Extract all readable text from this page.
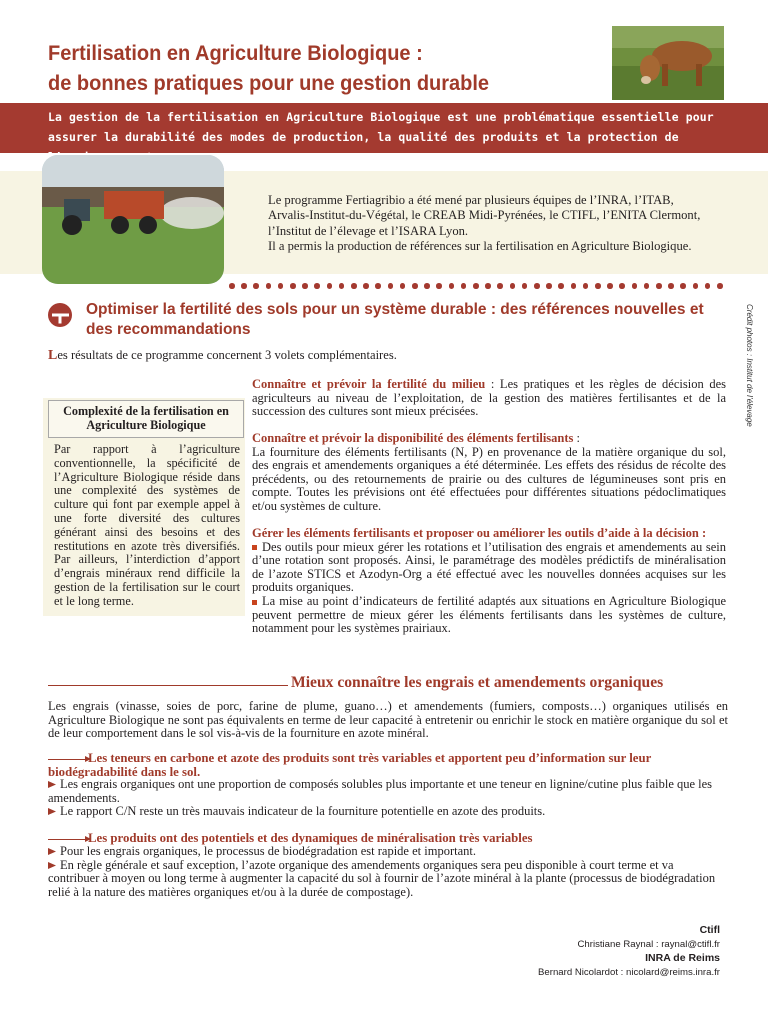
Fertilisation en Agriculture Biologique :
de bonnes pratiques pour une gestion durable
La gestion de la fertilisation en Agriculture Biologique est une problématique essentielle pour assurer la durabilité des modes de production, la qualité des produits et la protection de
Le programme Fertiagribio a été mené par plusieurs équipes de l’INRA, l’ITAB, Arvalis-Institut-du-Végétal, le CREAB Midi-Pyrénées, le CTIFL, l’ENITA Clermont, l’Institut de l’élevage et l’ISARA Lyon.
Il a permis la production de références sur la fertilisation en Agriculture Biologique.
Optimiser la fertilité des sols pour un système durable : des références nouvelles et des recommandations	Crédit photos : Institut de l’élevage
Les résultats de ce programme concernent 3 volets complémentaires.
Complexité de la fertilisation en Agriculture Biologique
Par rapport à l’agriculture conventionnelle, la spécificité de l’Agriculture Biologique réside dans une complexité des systèmes de culture qui font par exemple appel à une forte diversité des cultures générant ainsi des besoins et des restitutions en azote très diversifiés. Par ailleurs, l’interdiction d’apport d’engrais minéraux rend difficile la gestion de la fertilisation sur le court et le long terme.
Connaître et prévoir la fertilité du milieu : Les pratiques et les règles de décision des agriculteurs au niveau de l’exploitation, de la gestion des matières fertilisantes et de la succession des cultures sont mieux précisées.
Connaître et prévoir la disponibilité des éléments fertilisants :
La fourniture des éléments fertilisants (N, P) en provenance de la matière organique du sol, des engrais et amendements organiques a été déterminée. Les effets des résidus de récolte des précédents, ou des retournements de prairie ou des cultures de légumineuses sont pris en compte. Toutes les prévisions ont été effectuées pour différentes situations pédoclimatiques et/ou systèmes de culture.
Gérer les éléments fertilisants et proposer ou améliorer les outils d’aide à la décision :
Des outils pour mieux gérer les rotations et l’utilisation des engrais et amendements au sein d’une rotation sont proposés. Ainsi, le paramétrage des modèles prédictifs de minéralisation de l’azote STICS et Azodyn-Org a été effectué avec les nouvelles données acquises sur les produits organiques.
La mise au point d’indicateurs de fertilité adaptés aux situations en Agriculture Biologique peuvent permettre de mieux gérer les éléments fertilisants dans les systèmes de culture, notamment pour les systèmes prairiaux.
Mieux connaître les engrais et amendements organiques
Les engrais (vinasse, soies de porc, farine de plume, guano…) et amendements (fumiers, composts…) organiques utilisés en Agriculture Biologique ne sont pas équivalents en terme de leur capacité à entretenir ou enrichir le stock en matière organique du sol et de leur comportement dans le sol vis-à-vis de la fourniture en azote minéral.
Les teneurs en carbone et azote des produits sont très variables et apportent peu d’information sur leur biodégradabilité dans le sol.
Les engrais organiques ont une proportion de composés solubles plus importante et une teneur en lignine/cutine plus faible que les amendements.
Le rapport C/N reste un très mauvais indicateur de la fourniture potentielle en azote des produits.
Les produits ont des potentiels et des dynamiques de minéralisation très variables
Pour les engrais organiques, le processus de biodégradation est rapide et important.
En règle générale et sauf exception, l’azote organique des amendements organiques sera peu disponible à court terme et va contribuer à moyen ou long terme à augmenter la capacité du sol à fournir de l’azote minéral à la plante (processus de biodégradation relié à la nature des matières organiques et/ou à la durée de compostage).
Ctifl
Christiane Raynal : raynal@ctifl.fr
INRA de Reims
Bernard Nicolardot : nicolard@reims.inra.fr
